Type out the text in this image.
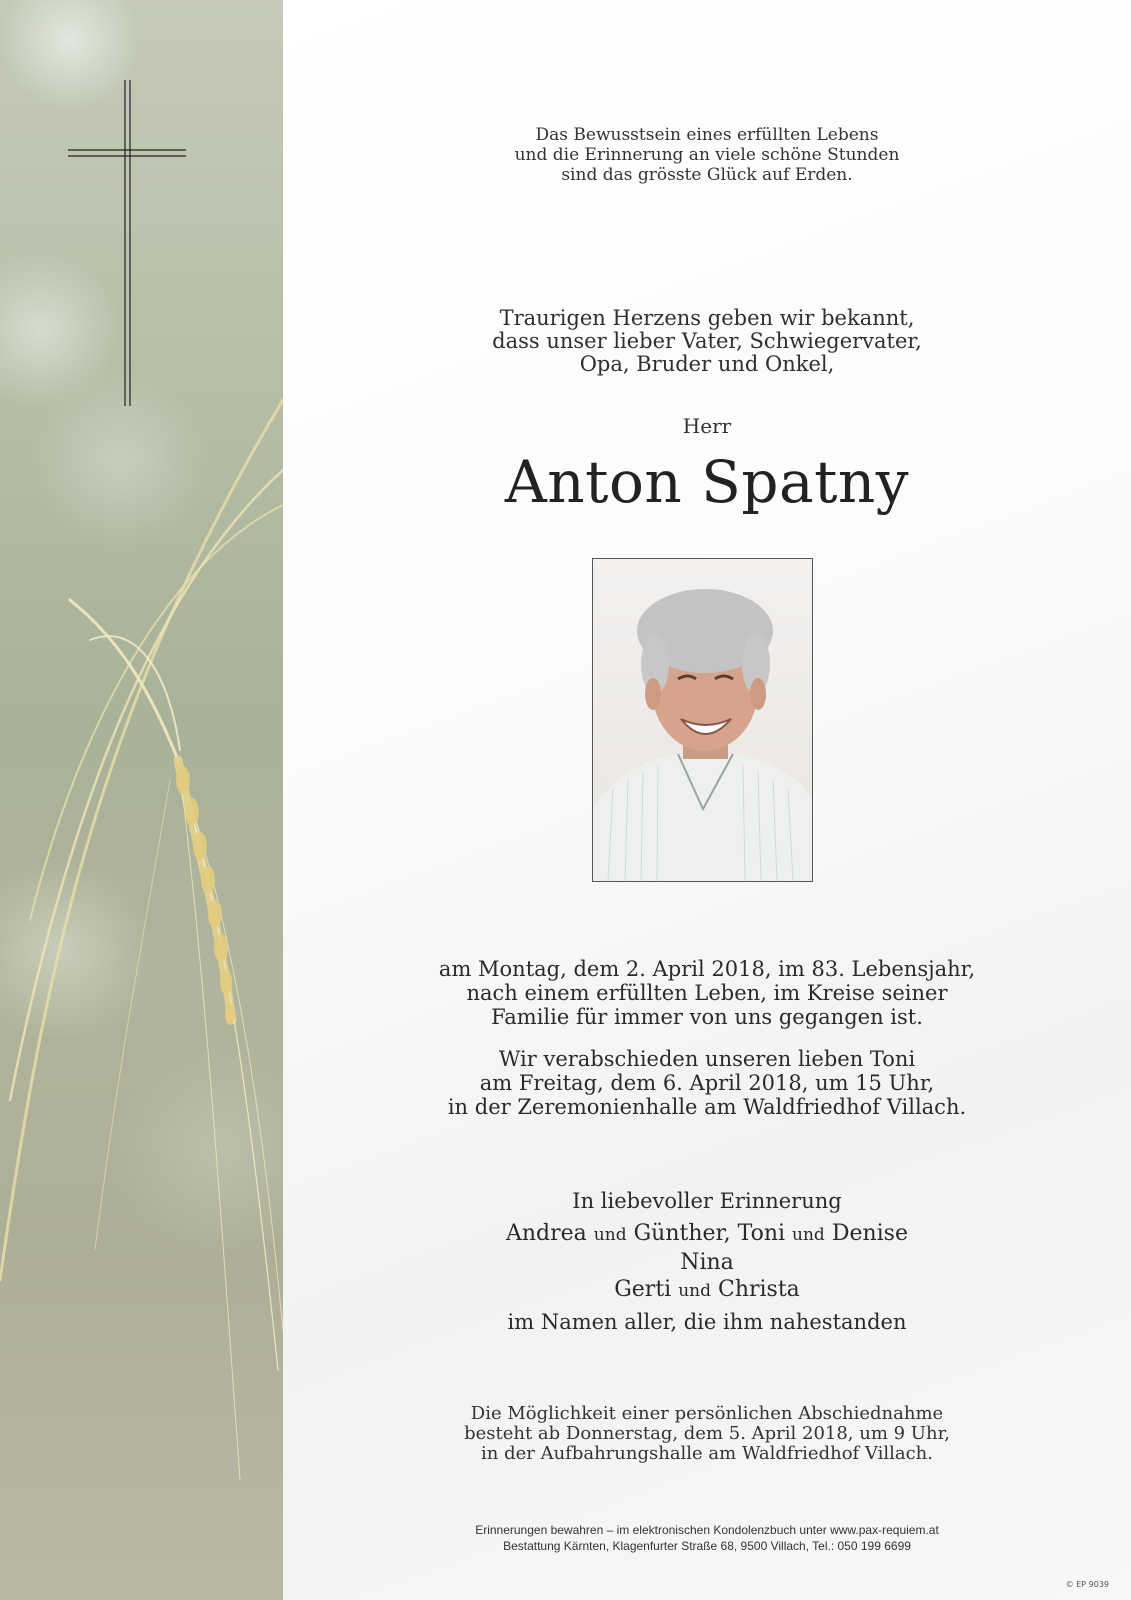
Das Bewusstsein eines erfüllten Lebens

und die Erinnerung an viele schöne Stunden

sind das grösste Glück auf Erden.

Traurigen Herzens geben wir bekannt,

dass unser lieber Vater, Schwiegervater,

Opa, Bruder und Onkel,

Herr
Anton Spatny

am Montag, dem 2. April 2018, im 83. Lebensjahr,

nach einem erfüllten Leben, im Kreise seiner

Familie für immer von uns gegangen ist.

Wir verabschieden unseren lieben Toni

am Freitag, dem 6. April 2018, um 15 Uhr,

in der Zeremonienhalle am Waldfriedhof Villach.

In liebevoller Erinnerung

Andrea und Günther, Toni und Denise

Nina

Gerti und Christa

im Namen aller, die ihm nahestanden

Die Möglichkeit einer persönlichen Abschiednahme

besteht ab Donnerstag, dem 5. April 2018, um 9 Uhr,

in der Aufbahrungshalle am Waldfriedhof Villach.

Erinnerungen bewahren – im elektronischen Kondolenzbuch unter www.pax-requiem.at

Bestattung Kärnten, Klagenfurter Straße 68, 9500 Villach, Tel.: 050 199 6699

© EP 9039
